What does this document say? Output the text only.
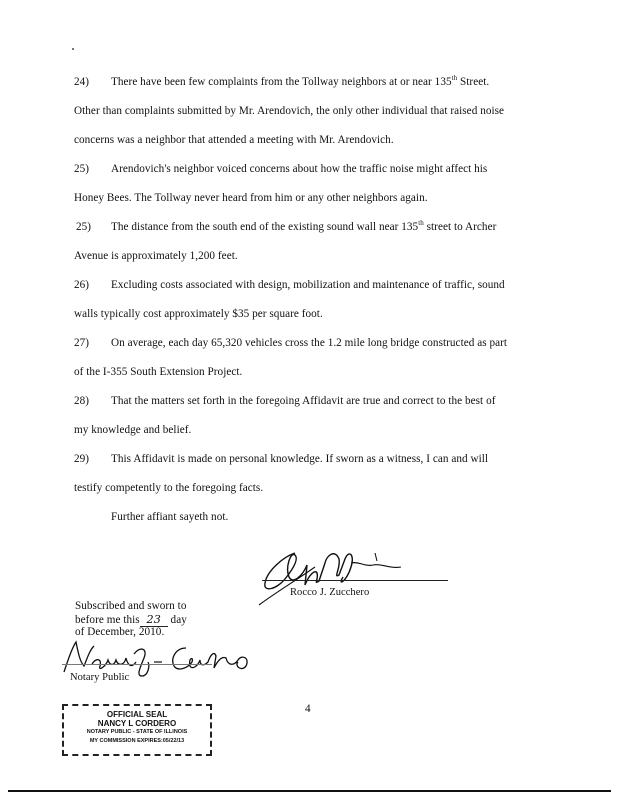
24) There have been few complaints from the Tollway neighbors at or near 135th Street.
Other than complaints submitted by Mr. Arendovich, the only other individual that raised noise
concerns was a neighbor that attended a meeting with Mr. Arendovich.
25) Arendovich's neighbor voiced concerns about how the traffic noise might affect his
Honey Bees. The Tollway never heard from him or any other neighbors again.
25) The distance from the south end of the existing sound wall near 135th street to Archer
Avenue is approximately 1,200 feet.
26) Excluding costs associated with design, mobilization and maintenance of traffic, sound
walls typically cost approximately $35 per square foot.
27) On average, each day 65,320 vehicles cross the 1.2 mile long bridge constructed as part
of the I-355 South Extension Project.
28) That the matters set forth in the foregoing Affidavit are true and correct to the best of
my knowledge and belief.
29) This Affidavit is made on personal knowledge. If sworn as a witness, I can and will
testify competently to the foregoing facts.
Further affiant sayeth not.
Rocco J. Zucchero
Subscribed and sworn to
before me this 23 day
of December, 2010.
Notary Public
4
OFFICIAL SEAL
NANCY L CORDERO
NOTARY PUBLIC - STATE OF ILLINOIS
MY COMMISSION EXPIRES:05/22/13
